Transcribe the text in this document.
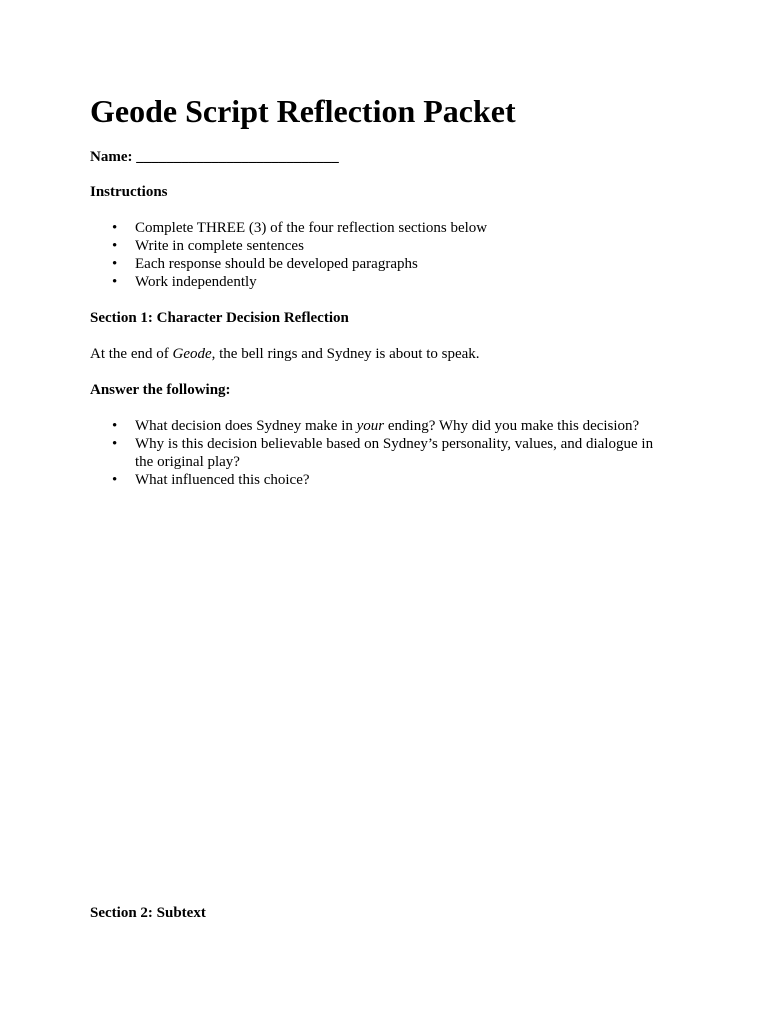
Geode Script Reflection Packet

Name: ___________________________

Instructions

• Complete THREE (3) of the four reflection sections below
• Write in complete sentences
• Each response should be developed paragraphs
• Work independently

Section 1: Character Decision Reflection

At the end of Geode, the bell rings and Sydney is about to speak.

Answer the following:

• What decision does Sydney make in your ending? Why did you make this decision?
• Why is this decision believable based on Sydney’s personality, values, and dialogue in the original play?
• What influenced this choice?

Section 2: Subtext
